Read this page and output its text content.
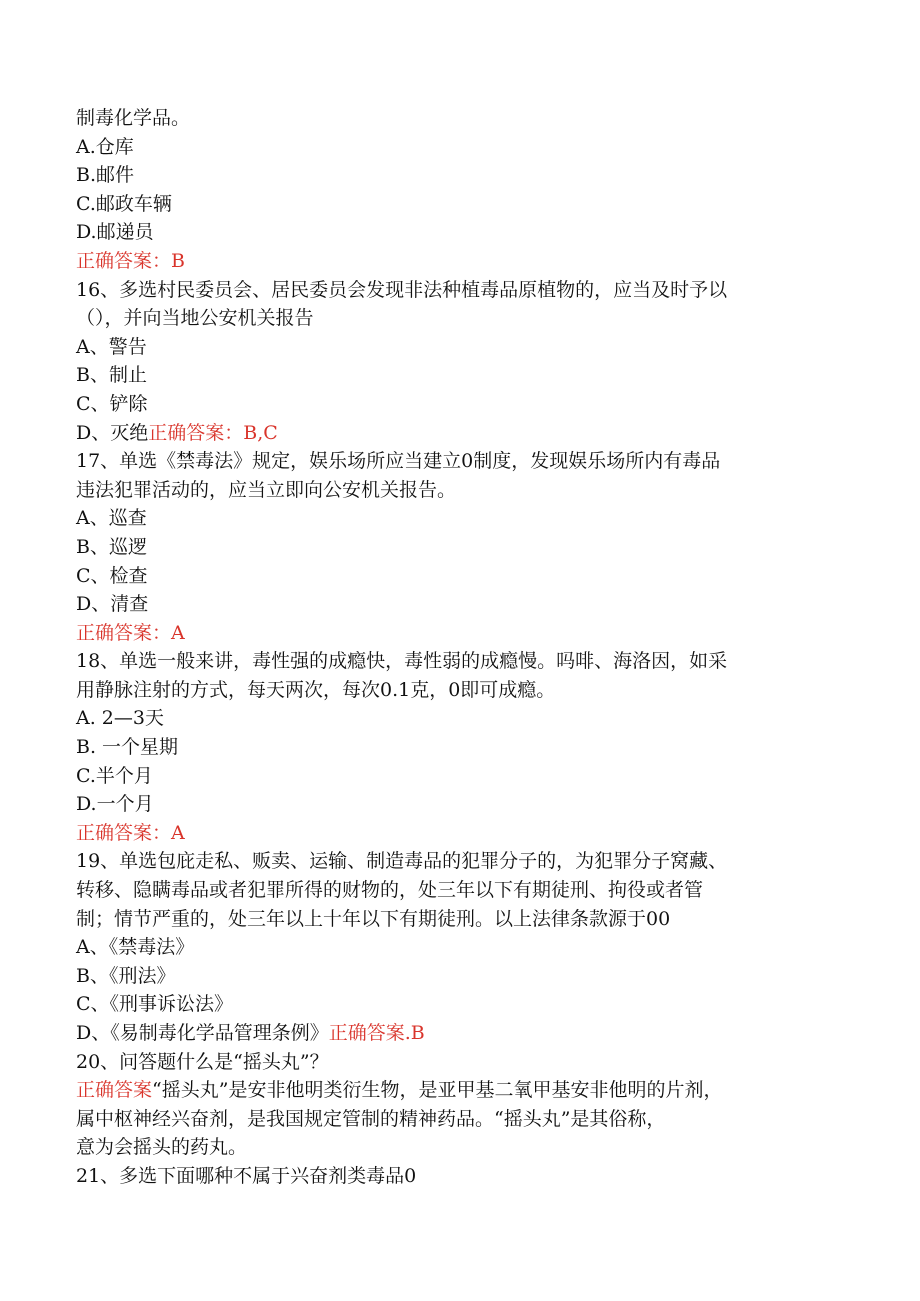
制毒化学品。
A.仓库
B.邮件
C.邮政车辆
D.邮递员
正确答案：B
16、多选村民委员会、居民委员会发现非法种植毒品原植物的，应当及时予以
（），并向当地公安机关报告
A、警告
B、制止
C、铲除
D、灭绝正确答案：B,C
17、单选《禁毒法》规定，娱乐场所应当建立0制度，发现娱乐场所内有毒品
违法犯罪活动的，应当立即向公安机关报告。
A、巡查
B、巡逻
C、检查
D、清查
正确答案：A
18、单选一般来讲，毒性强的成瘾快，毒性弱的成瘾慢。吗啡、海洛因，如采
用静脉注射的方式，每天两次，每次0.1克，0即可成瘾。
A. 2—3天
B. 一个星期
C.半个月
D.一个月
正确答案：A
19、单选包庇走私、贩卖、运输、制造毒品的犯罪分子的，为犯罪分子窝藏、
转移、隐瞒毒品或者犯罪所得的财物的，处三年以下有期徒刑、拘役或者管
制；情节严重的，处三年以上十年以下有期徒刑。以上法律条款源于00
A、《禁毒法》
B、《刑法》
C、《刑事诉讼法》
D、《易制毒化学品管理条例》正确答案.B
20、问答题什么是“摇头丸”？
正确答案“摇头丸”是安非他明类衍生物，是亚甲基二氧甲基安非他明的片剂，
属中枢神经兴奋剂，是我国规定管制的精神药品。“摇头丸”是其俗称，
意为会摇头的药丸。
21、多选下面哪种不属于兴奋剂类毒品0
